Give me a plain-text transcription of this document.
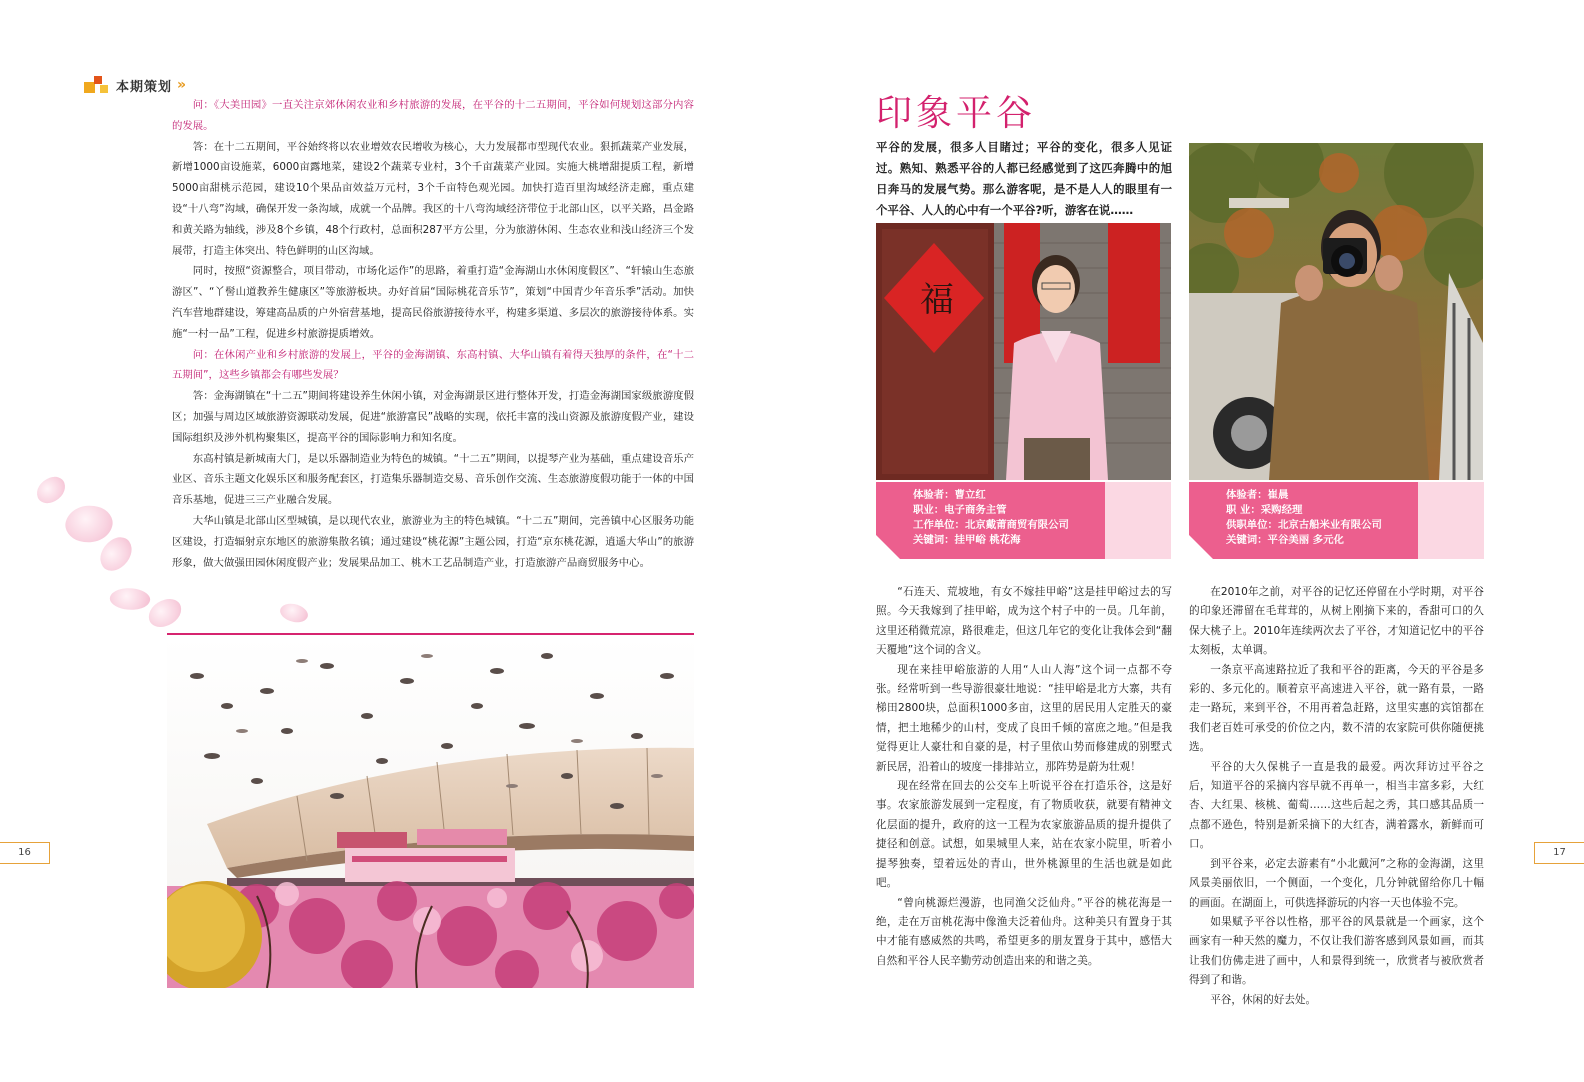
本期策划 »

问：《大美田园》一直关注京郊休闲农业和乡村旅游的发展，在平谷的十二五期间，平谷如何规划这部分内容的发展。

答：在十二五期间，平谷始终将以农业增效农民增收为核心，大力发展都市型现代农业。狠抓蔬菜产业发展，新增1000亩设施菜，6000亩露地菜，建设2个蔬菜专业村，3个千亩蔬菜产业园。实施大桃增甜提质工程，新增5000亩甜桃示范园，建设10个果品亩效益万元村，3个千亩特色观光园。加快打造百里沟域经济走廊，重点建设“十八弯”沟域，确保开发一条沟域，成就一个品牌。我区的十八弯沟域经济带位于北部山区，以平关路，昌金路和黄关路为轴线，涉及8个乡镇，48个行政村，总面积287平方公里，分为旅游休闲、生态农业和浅山经济三个发展带，打造主体突出、特色鲜明的山区沟域。

同时，按照“资源整合，项目带动，市场化运作”的思路，着重打造“金海湖山水休闲度假区”、“轩辕山生态旅游区”、“丫髻山道教养生健康区”等旅游板块。办好首届“国际桃花音乐节”，策划“中国青少年音乐季”活动。加快汽车营地群建设，筹建高品质的户外宿营基地，提高民俗旅游接待水平，构建多渠道、多层次的旅游接待体系。实施“一村一品”工程，促进乡村旅游提质增效。

问：在休闲产业和乡村旅游的发展上，平谷的金海湖镇、东高村镇、大华山镇有着得天独厚的条件，在“十二五期间”，这些乡镇都会有哪些发展？

答：金海湖镇在“十二五”期间将建设养生休闲小镇，对金海湖景区进行整体开发，打造金海湖国家级旅游度假区；加强与周边区域旅游资源联动发展，促进“旅游富民”战略的实现，依托丰富的浅山资源及旅游度假产业，建设国际组织及涉外机构聚集区，提高平谷的国际影响力和知名度。

东高村镇是新城南大门，是以乐器制造业为特色的城镇。“十二五”期间，以提琴产业为基础，重点建设音乐产业区、音乐主题文化娱乐区和服务配套区，打造集乐器制造交易、音乐创作交流、生态旅游度假功能于一体的中国音乐基地，促进三三产业融合发展。

大华山镇是北部山区型城镇，是以现代农业，旅游业为主的特色城镇。“十二五”期间，完善镇中心区服务功能区建设，打造辐射京东地区的旅游集散名镇；通过建设“桃花源”主题公园，打造“京东桃花源，逍遥大华山”的旅游形象，做大做强田园休闲度假产业；发展果品加工、桃木工艺品制造产业，打造旅游产品商贸服务中心。

16	17
印象平谷
平谷的发展，很多人目睹过；平谷的变化，很多人见证过。熟知、熟悉平谷的人都已经感觉到了这匹奔腾中的旭日奔马的发展气势。那么游客呢，是不是人人的眼里有一个平谷、人人的心中有一个平谷?听，游客在说……
福
体验者：曹立红
职业：电子商务主管
工作单位：北京戴莆商贸有限公司
关键词：挂甲峪 桃花海
体验者：崔晨
职 业：采购经理
供职单位：北京古船米业有限公司
关键词：平谷美丽 多元化

“石连天、荒坡地，有女不嫁挂甲峪”这是挂甲峪过去的写照。今天我嫁到了挂甲峪，成为这个村子中的一员。几年前，这里还稍微荒凉，路很难走，但这几年它的变化让我体会到“翻天覆地”这个词的含义。

现在来挂甲峪旅游的人用“人山人海”这个词一点都不夸张。经常听到一些导游很豪壮地说：“挂甲峪是北方大寨，共有梯田2800块，总面积1000多亩，这里的居民用人定胜天的豪情，把土地稀少的山村，变成了良田千倾的富庶之地。”但是我觉得更让人豪壮和自豪的是，村子里依山势而修建成的别墅式新民居，沿着山的坡度一排排站立，那阵势是蔚为壮观！

现在经常在回去的公交车上听说平谷在打造乐谷，这是好事。农家旅游发展到一定程度，有了物质收获，就要有精神文化层面的提升，政府的这一工程为农家旅游品质的提升提供了捷径和创意。试想，如果城里人来，站在农家小院里，听着小提琴独奏，望着远处的青山，世外桃源里的生活也就是如此吧。

“曾向桃源烂漫游，也同渔父泛仙舟。”平谷的桃花海是一绝，走在万亩桃花海中像渔夫泛着仙舟。这种美只有置身于其中才能有感威然的共鸣，希望更多的朋友置身于其中，感悟大自然和平谷人民辛勤劳动创造出来的和谐之美。

在2010年之前，对平谷的记忆还停留在小学时期，对平谷的印象还滞留在毛茸茸的，从树上刚摘下来的，香甜可口的久保大桃子上。2010年连续两次去了平谷，才知道记忆中的平谷太刻板，太单调。

一条京平高速路拉近了我和平谷的距离，今天的平谷是多彩的、多元化的。顺着京平高速进入平谷，就一路有景，一路走一路玩，来到平谷，不用再着急赶路，这里实惠的宾馆都在我们老百姓可承受的价位之内，数不清的农家院可供你随便挑选。

平谷的大久保桃子一直是我的最爱。两次拜访过平谷之后，知道平谷的采摘内容早就不再单一，相当丰富多彩，大红杏、大红果、核桃、葡萄……这些后起之秀，其口感其品质一点都不逊色，特别是新采摘下的大红杏，满着露水，新鲜而可口。

到平谷来，必定去游素有“小北戴河”之称的金海湖，这里风景美丽依旧，一个侧面，一个变化，几分钟就留给你几十幅的画面。在湖面上，可供选择游玩的内容一天也体验不完。

如果赋予平谷以性格，那平谷的风景就是一个画家，这个画家有一种天然的魔力，不仅让我们游客感到风景如画，而其让我们仿佛走进了画中，人和景得到统一，欣赏者与被欣赏者得到了和谐。

平谷，休闲的好去处。
